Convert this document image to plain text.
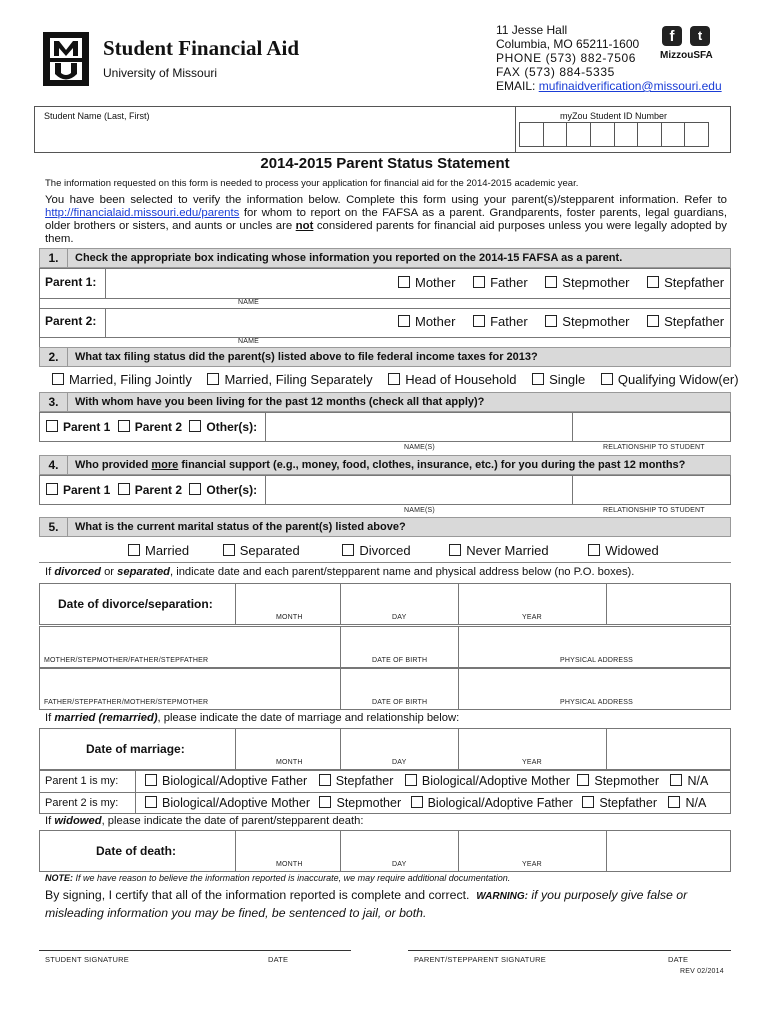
Student Financial Aid
University of Missouri
11 Jesse Hall
Columbia, MO 65211-1600
PHONE (573) 882-7506
FAX (573) 884-5335
EMAIL: mufinaidverification@missouri.edu
f	t
MizzouSFA
Student Name (Last, First)	myZou Student ID Number
2014-2015 Parent Status Statement
The information requested on this form is needed to process your application for financial aid for the 2014-2015 academic year.
You have been selected to verify the information below. Complete this form using your parent(s)/stepparent information. Refer to http://financialaid.missouri.edu/parents for whom to report on the FAFSA as a parent. Grandparents, foster parents, legal guardians, older brothers or sisters, and aunts or uncles are not considered parents for financial aid purposes unless you were legally adopted by them.
1.	Check the appropriate box indicating whose information you reported on the 2014-15 FAFSA as a parent.
Parent 1:
NAME
Mother	Father	Stepmother	Stepfather
Parent 2:
NAME
Mother	Father	Stepmother	Stepfather
2.	What tax filing status did the parent(s) listed above to file federal income taxes for 2013?
Married, Filing Jointly	Married, Filing Separately	Head of Household	Single	Qualifying Widow(er)
3.	With whom have you been living for the past 12 months (check all that apply)?
Parent 1 Parent 2 Other(s):
NAME(S)	RELATIONSHIP TO STUDENT
4.	Who provided more financial support (e.g., money, food, clothes, insurance, etc.) for you during the past 12 months?
Parent 1 Parent 2 Other(s):
NAME(S)	RELATIONSHIP TO STUDENT
5.	What is the current marital status of the parent(s) listed above?
Married	Separated	Divorced	Never Married	Widowed
If divorced or separated, indicate date and each parent/stepparent name and physical address below (no P.O. boxes).
Date of divorce/separation:
MONTH	DAY	YEAR
MOTHER/STEPMOTHER/FATHER/STEPFATHER	DATE OF BIRTH	PHYSICAL ADDRESS
FATHER/STEPFATHER/MOTHER/STEPMOTHER	DATE OF BIRTH	PHYSICAL ADDRESS
If married (remarried), please indicate the date of marriage and relationship below:
Date of marriage:
MONTH	DAY	YEAR
Parent 1 is my:	Biological/Adoptive Father Stepfather Biological/Adoptive Mother Stepmother N/A
Parent 2 is my:	Biological/Adoptive Mother Stepmother Biological/Adoptive Father Stepfather N/A
If widowed, please indicate the date of parent/stepparent death:
Date of death:
MONTH	DAY	YEAR
NOTE: If we have reason to believe the information reported is inaccurate, we may require additional documentation.
By signing, I certify that all of the information reported is complete and correct. WARNING: if you purposely give false or
misleading information you may be fined, be sentenced to jail, or both.
STUDENT SIGNATURE	DATE	PARENT/STEPPARENT SIGNATURE	DATE
REV 02/2014
